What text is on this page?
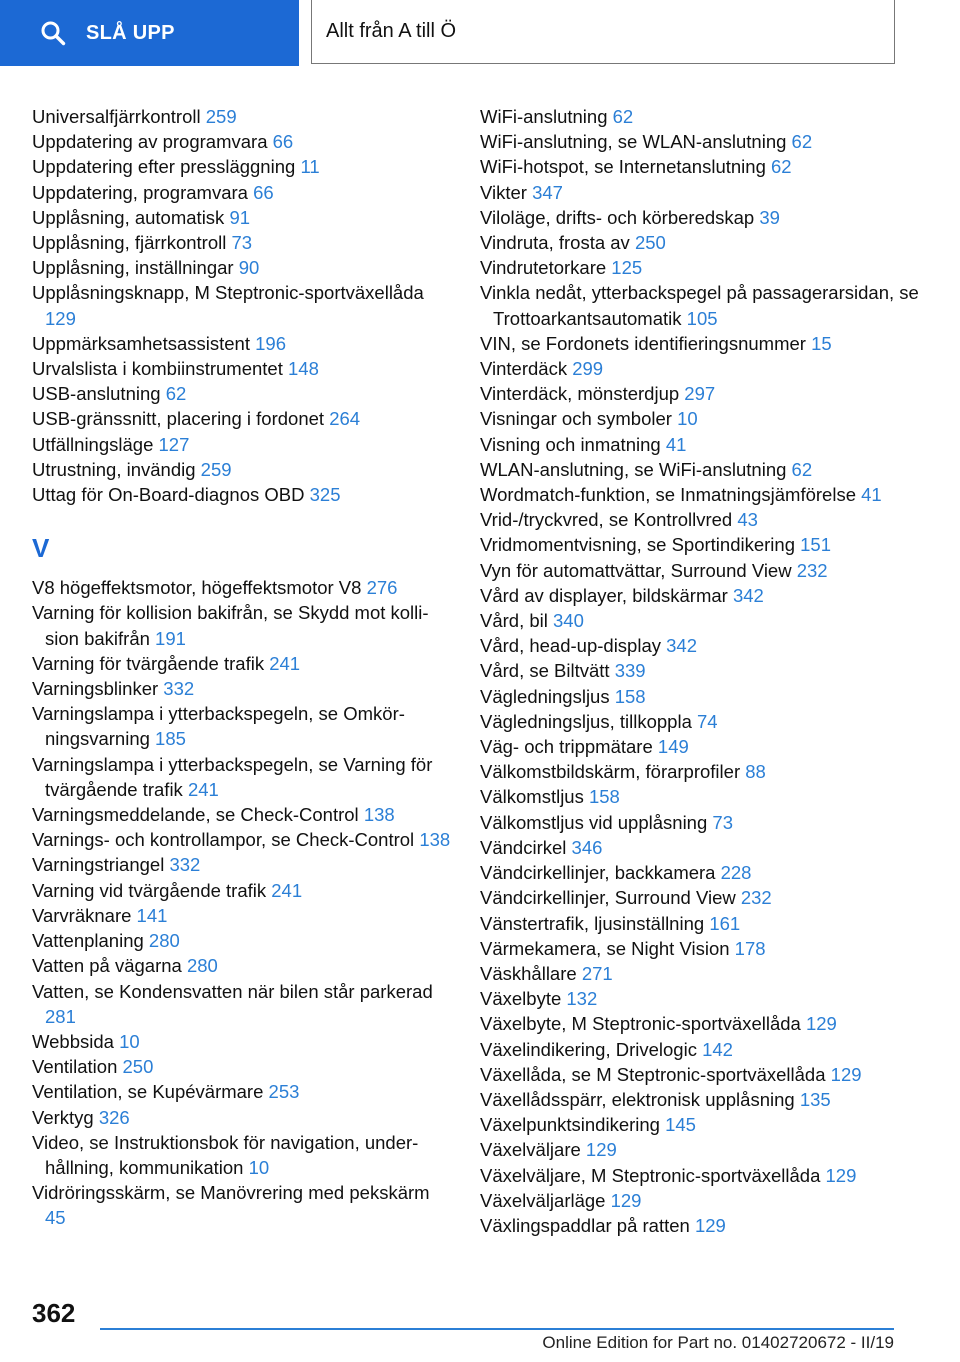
SLÅ UPP	Allt från A till Ö
Universalfjärrkontroll 259
Uppdatering av programvara 66
Uppdatering efter pressläggning 11
Uppdatering, programvara 66
Upplåsning, automatisk 91
Upplåsning, fjärrkontroll 73
Upplåsning, inställningar 90
Upplåsningsknapp, M Steptronic-sportväxellåda 129
Uppmärksamhetsassistent 196
Urvalslista i kombiinstrumentet 148
USB-anslutning 62
USB-gränssnitt, placering i fordonet 264
Utfällningsläge 127
Utrustning, invändig 259
Uttag för On-Board-diagnos OBD 325
V
V8 högeffektsmotor, högeffektsmotor V8 276
Varning för kollision bakifrån, se Skydd mot kollision bakifrån 191
Varning för tvärgående trafik 241
Varningsblinker 332
Varningslampa i ytterbackspegeln, se Omkörningsvarning 185
Varningslampa i ytterbackspegeln, se Varning för tvärgående trafik 241
Varningsmeddelande, se Check-Control 138
Varnings- och kontrollampor, se Check-Control 138
Varningstriangel 332
Varning vid tvärgående trafik 241
Varvräknare 141
Vattenplaning 280
Vatten på vägarna 280
Vatten, se Kondensvatten när bilen står parkerad 281
Webbsida 10
Ventilation 250
Ventilation, se Kupévärmare 253
Verktyg 326
Video, se Instruktionsbok för navigation, underhållning, kommunikation 10
Vidröringsskärm, se Manövrering med pekskärm 45
WiFi-anslutning 62
WiFi-anslutning, se WLAN-anslutning 62
WiFi-hotspot, se Internetanslutning 62
Vikter 347
Viloläge, drifts- och körberedskap 39
Vindruta, frosta av 250
Vindrutetorkare 125
Vinkla nedåt, ytterbackspegel på passagerarsidan, se Trottoarkantsautomatik 105
VIN, se Fordonets identifieringsnummer 15
Vinterdäck 299
Vinterdäck, mönsterdjup 297
Visningar och symboler 10
Visning och inmatning 41
WLAN-anslutning, se WiFi-anslutning 62
Wordmatch-funktion, se Inmatningsjämförelse 41
Vrid-/tryckvred, se Kontrollvred 43
Vridmomentvisning, se Sportindikering 151
Vyn för automattvättar, Surround View 232
Vård av displayer, bildskärmar 342
Vård, bil 340
Vård, head-up-display 342
Vård, se Biltvätt 339
Vägledningsljus 158
Vägledningsljus, tillkoppla 74
Väg- och trippmätare 149
Välkomstbildskärm, förarprofiler 88
Välkomstljus 158
Välkomstljus vid upplåsning 73
Vändcirkel 346
Vändcirkellinjer, backkamera 228
Vändcirkellinjer, Surround View 232
Vänstertrafik, ljusinställning 161
Värmekamera, se Night Vision 178
Väskhållare 271
Växelbyte 132
Växelbyte, M Steptronic-sportväxellåda 129
Växelindikering, Drivelogic 142
Växellåda, se M Steptronic-sportväxellåda 129
Växellådsspärr, elektronisk upplåsning 135
Växelpunktsindikering 145
Växelväljare 129
Växelväljare, M Steptronic-sportväxellåda 129
Växelväljarläge 129
Växlingspaddlar på ratten 129
362
Online Edition for Part no. 01402720672 - II/19
